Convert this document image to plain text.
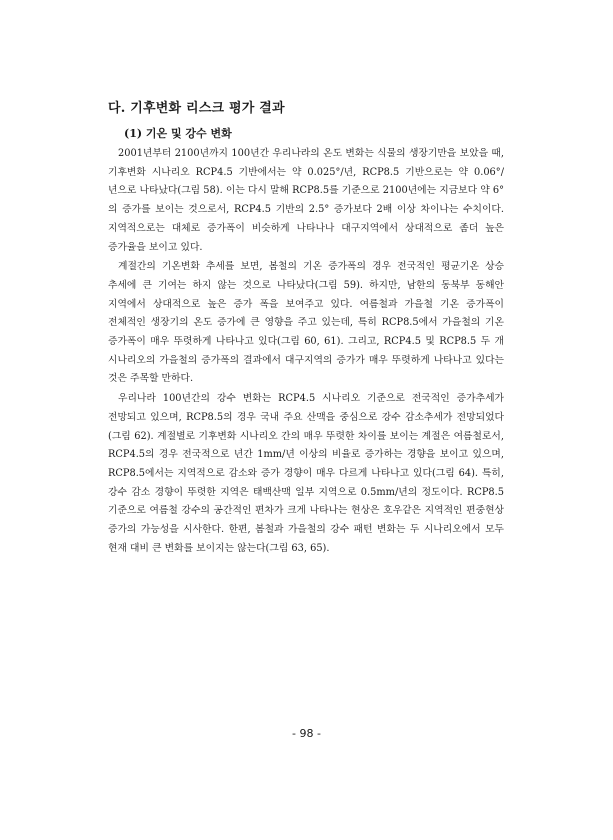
다. 기후변화 리스크 평가 결과
(1) 기온 및 강수 변화

2001년부터 2100년까지 100년간 우리나라의 온도 변화는 식물의 생장기만을 보았을 때, 기후변화 시나리오 RCP4.5 기반에서는 약 0.025°/년, RCP8.5 기반으로는 약 0.06°/년으로 나타났다(그림 58). 이는 다시 말해 RCP8.5를 기준으로 2100년에는 지금보다 약 6°의 증가를 보이는 것으로서, RCP4.5 기반의 2.5° 증가보다 2배 이상 차이나는 수치이다. 지역적으로는 대체로 증가폭이 비슷하게 나타나나 대구지역에서 상대적으로 좀더 높은 증가율을 보이고 있다.

계절간의 기온변화 추세를 보면, 봄철의 기온 증가폭의 경우 전국적인 평균기온 상승 추세에 큰 기여는 하지 않는 것으로 나타났다(그림 59). 하지만, 남한의 동북부 동해안 지역에서 상대적으로 높은 증가 폭을 보여주고 있다. 여름철과 가을철 기온 증가폭이 전체적인 생장기의 온도 증가에 큰 영향을 주고 있는데, 특히 RCP8.5에서 가을철의 기온 증가폭이 매우 뚜렷하게 나타나고 있다(그림 60, 61). 그리고, RCP4.5 및 RCP8.5 두 개 시나리오의 가을철의 증가폭의 결과에서 대구지역의 증가가 매우 뚜렷하게 나타나고 있다는 것은 주목할 만하다.

우리나라 100년간의 강수 변화는 RCP4.5 시나리오 기준으로 전국적인 증가추세가 전망되고 있으며, RCP8.5의 경우 국내 주요 산맥을 중심으로 강수 감소추세가 전망되었다(그림 62). 계절별로 기후변화 시나리오 간의 매우 뚜렷한 차이를 보이는 계절은 여름철로서, RCP4.5의 경우 전국적으로 년간 1mm/년 이상의 비율로 증가하는 경향을 보이고 있으며, RCP8.5에서는 지역적으로 감소와 증가 경향이 매우 다르게 나타나고 있다(그림 64). 특히, 강수 감소 경향이 뚜렷한 지역은 태백산맥 일부 지역으로 0.5mm/년의 정도이다. RCP8.5 기준으로 여름철 강수의 공간적인 편차가 크게 나타나는 현상은 호우같은 지역적인 편중현상 증가의 가능성을 시사한다. 한편, 봄철과 가을철의 강수 패턴 변화는 두 시나리오에서 모두 현재 대비 큰 변화를 보이지는 않는다(그림 63, 65).

- 98 -
